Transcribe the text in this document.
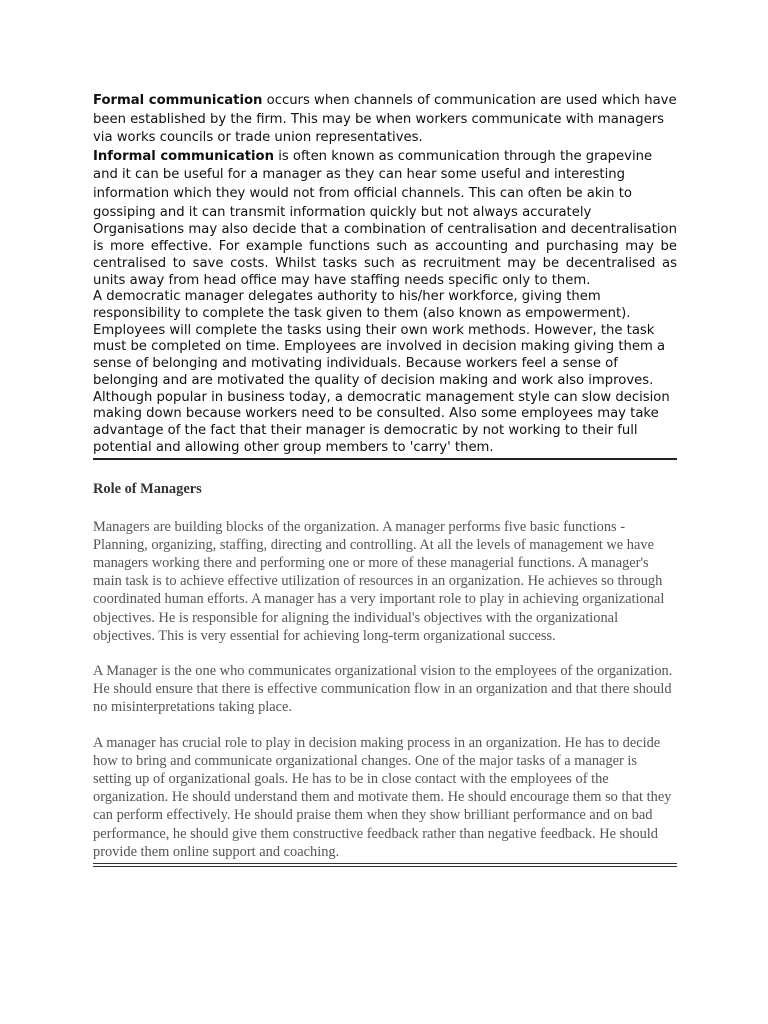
Formal communication occurs when channels of communication are used which have been established by the firm. This may be when workers communicate with managers via works councils or trade union representatives.
Informal communication is often known as communication through the grapevine and it can be useful for a manager as they can hear some useful and interesting information which they would not from official channels. This can often be akin to gossiping and it can transmit information quickly but not always accurately

Organisations may also decide that a combination of centralisation and decentralisation is more effective. For example functions such as accounting and purchasing may be centralised to save costs. Whilst tasks such as recruitment may be decentralised as units away from head office may have staffing needs specific only to them.

A democratic manager delegates authority to his/her workforce, giving them responsibility to complete the task given to them (also known as empowerment). Employees will complete the tasks using their own work methods. However, the task must be completed on time. Employees are involved in decision making giving them a sense of belonging and motivating individuals. Because workers feel a sense of belonging and are motivated the quality of decision making and work also improves. Although popular in business today, a democratic management style can slow decision making down because workers need to be consulted. Also some employees may take advantage of the fact that their manager is democratic by not working to their full potential and allowing other group members to 'carry' them.

Role of Managers

Managers are building blocks of the organization. A manager performs five basic functions - Planning, organizing, staffing, directing and controlling. At all the levels of management we have managers working there and performing one or more of these managerial functions. A manager's main task is to achieve effective utilization of resources in an organization. He achieves so through coordinated human efforts. A manager has a very important role to play in achieving organizational objectives. He is responsible for aligning the individual's objectives with the organizational objectives. This is very essential for achieving long-term organizational success.

A Manager is the one who communicates organizational vision to the employees of the organization. He should ensure that there is effective communication flow in an organization and that there should no misinterpretations taking place.

A manager has crucial role to play in decision making process in an organization. He has to decide how to bring and communicate organizational changes. One of the major tasks of a manager is setting up of organizational goals. He has to be in close contact with the employees of the organization. He should understand them and motivate them. He should encourage them so that they can perform effectively. He should praise them when they show brilliant performance and on bad performance, he should give them constructive feedback rather than negative feedback. He should provide them online support and coaching.
